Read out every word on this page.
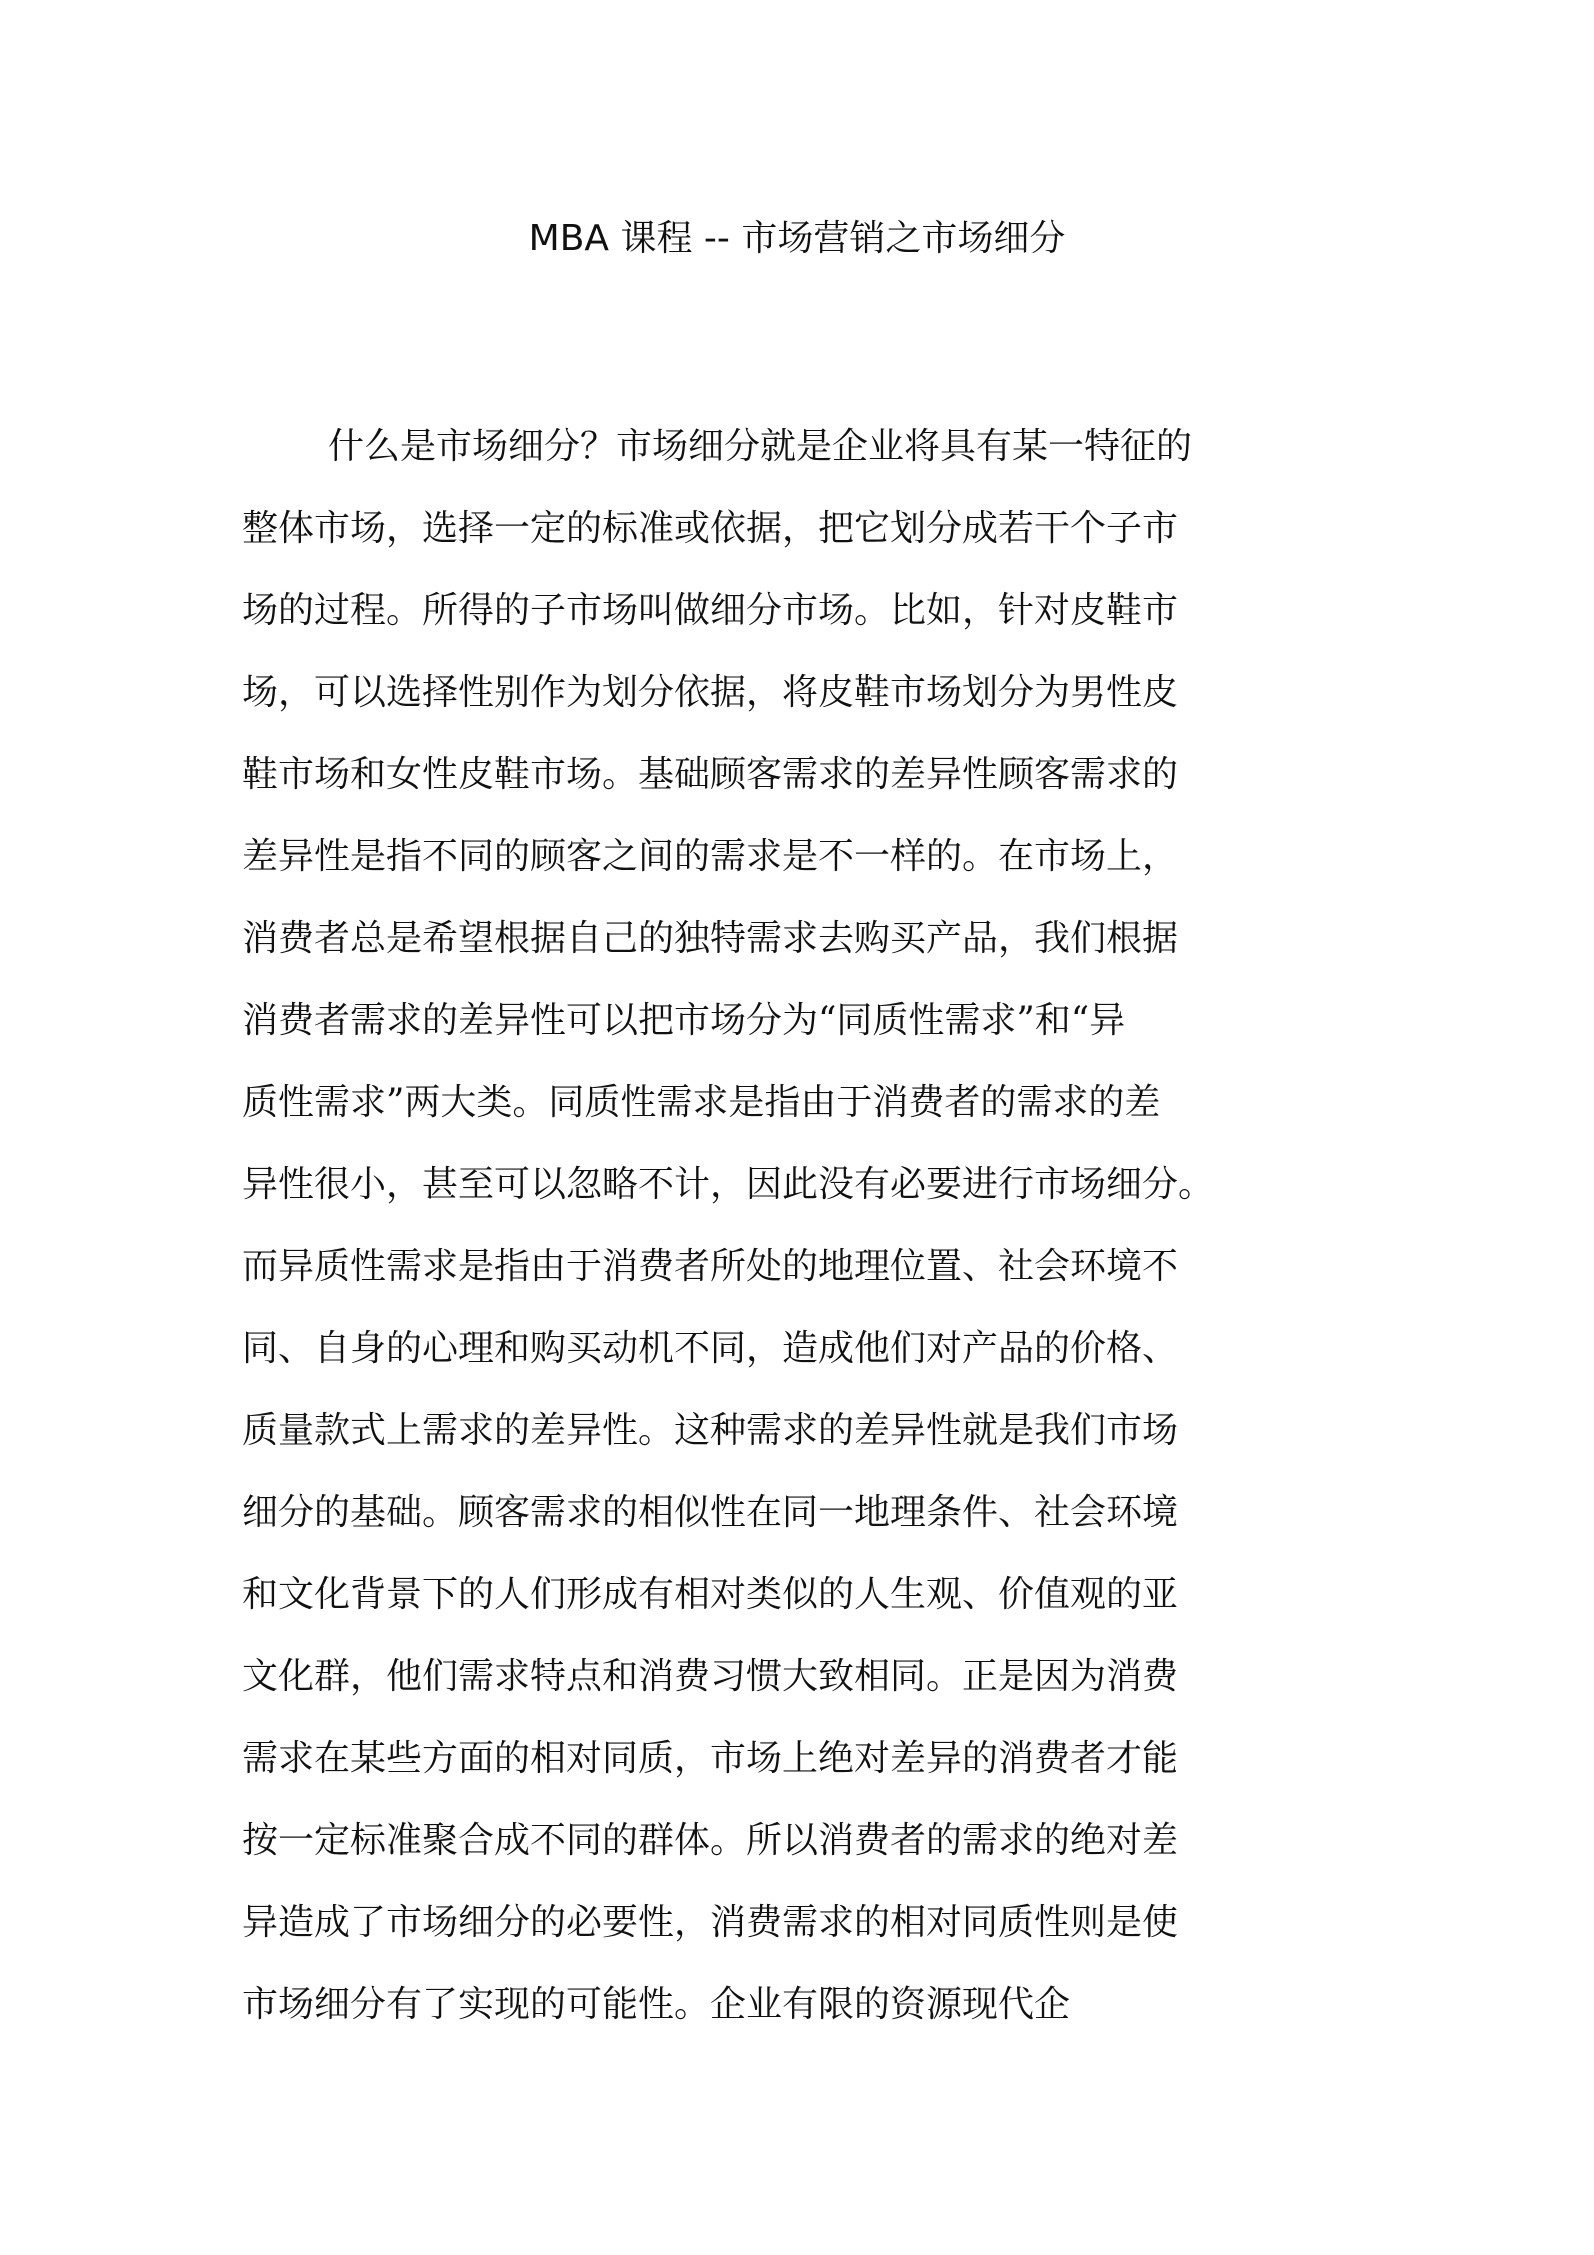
MBA 课程 -- 市场营销之市场细分
什么是市场细分？市场细分就是企业将具有某一特征的
整体市场，选择一定的标准或依据，把它划分成若干个子市
场的过程。所得的子市场叫做细分市场。比如，针对皮鞋市
场，可以选择性别作为划分依据，将皮鞋市场划分为男性皮
鞋市场和女性皮鞋市场。基础顾客需求的差异性顾客需求的
差异性是指不同的顾客之间的需求是不一样的。在市场上，
消费者总是希望根据自己的独特需求去购买产品，我们根据
消费者需求的差异性可以把市场分为“同质性需求”和“异
质性需求”两大类。同质性需求是指由于消费者的需求的差
异性很小，甚至可以忽略不计，因此没有必要进行市场细分。
而异质性需求是指由于消费者所处的地理位置、社会环境不
同、自身的心理和购买动机不同，造成他们对产品的价格、
质量款式上需求的差异性。这种需求的差异性就是我们市场
细分的基础。顾客需求的相似性在同一地理条件、社会环境
和文化背景下的人们形成有相对类似的人生观、价值观的亚
文化群，他们需求特点和消费习惯大致相同。正是因为消费
需求在某些方面的相对同质，市场上绝对差异的消费者才能
按一定标准聚合成不同的群体。所以消费者的需求的绝对差
异造成了市场细分的必要性，消费需求的相对同质性则是使
市场细分有了实现的可能性。企业有限的资源现代企
